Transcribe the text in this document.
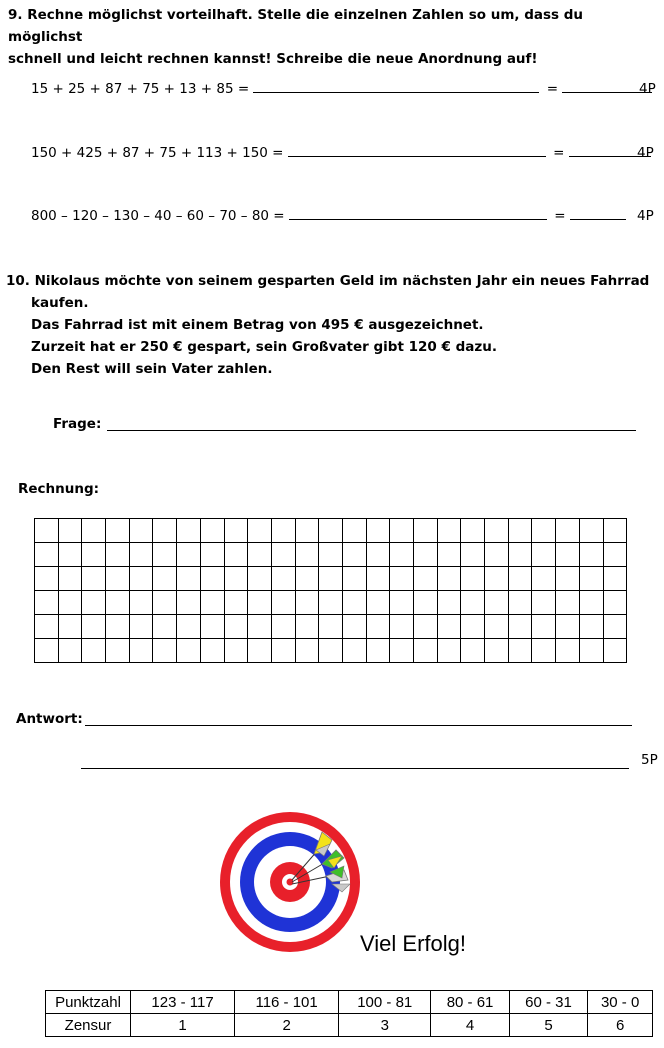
9. Rechne möglichst vorteilhaft. Stelle die einzelnen Zahlen so um, dass du möglichst
schnell und leicht rechnen kannst! Schreibe die neue Anordnung auf!
15 + 25 + 87 + 75 + 13 + 85 =	=	4P
150 + 425 + 87 + 75 + 113 + 150 =	=	4P
800 – 120 – 130 – 40 – 60 – 70 – 80 =	=	4P
10. Nikolaus möchte von seinem gesparten Geld im nächsten Jahr ein neues Fahrrad
kaufen.
Das Fahrrad ist mit einem Betrag von 495 € ausgezeichnet.
Zurzeit hat er 250 € gespart, sein Großvater gibt 120 € dazu.
Den Rest will sein Vater zahlen.
Frage:
Rechnung:

Antwort:
5P
Viel Erfolg!
Punktzahl	123 - 117	116 - 101	100 - 81	80 - 61	60 - 31	30 - 0
Zensur	1	2	3	4	5	6
